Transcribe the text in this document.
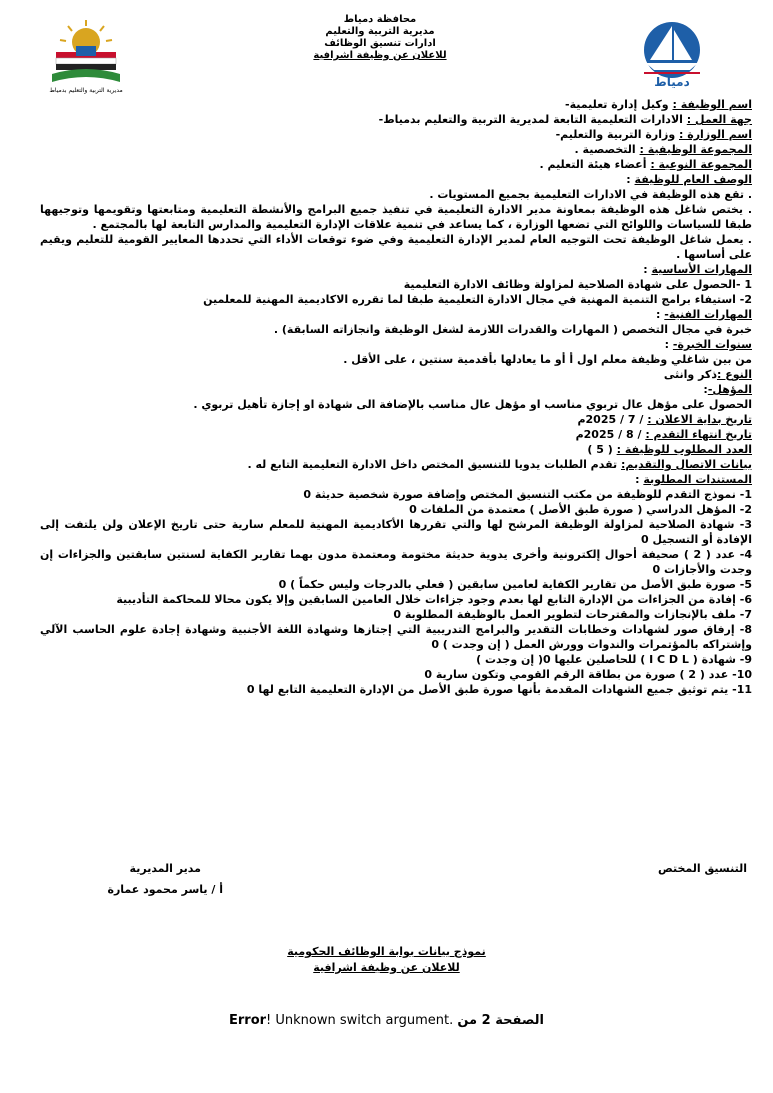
مديرية التربية والتعليم بدمياط
دمياط
محافظة دمياط
مديرية التربية والتعليم
ادارات تنسيق الوظائف
للاعلان عن وظيفة اشرافية

اسم الوظيفة : وكيل إدارة تعليمية-

جهة العمل : الادارات التعليمية التابعة لمديرية التربية والتعليم بدمياط-

اسم الوزارة : وزارة التربية والتعليم-

المجموعة الوظيفية : التخصصية .

المجموعة النوعية : أعضاء هيئة التعليم .

الوصف العام للوظيفة :

. تقع هذه الوظيفة في الادارات التعليمية بجميع المستويات .

. يختص شاغل هذه الوظيفة بمعاونة مدير الادارة التعليمية في تنفيذ جميع البرامج والأنشطة التعليمية ومتابعتها وتقويمها وتوجيهها طبقا للسياسات واللوائح التي تضعها الوزارة ، كما يساعد في تنمية علاقات الإدارة التعليمية والمدارس التابعة لها بالمجتمع .

. يعمل شاغل الوظيفة تحت التوجيه العام لمدير الإدارة التعليمية وفي ضوء توقعات الأداء التي تحددها المعايير القومية للتعليم ويقيم على أساسها .

المهارات الأساسية :

1 -الحصول على شهادة الصلاحية لمزاولة وظائف الادارة التعليمية

2- استيفاء برامج التنمية المهنية في مجال الادارة التعليمية طبقا لما تقرره الاكاديمية المهنية للمعلمين

المهارات الفنية- :

خبرة في مجال التخصص ( المهارات والقدرات اللازمة لشغل الوظيفة وانجازاته السابقة) .

سنوات الخبرة- :

من بين شاغلي وظيفة معلم اول أ أو ما يعادلها بأقدمية سنتين ، على الأقل .

النوع :ذكر وانثى

المؤهل-:

الحصول على مؤهل عال تربوي مناسب او مؤهل عال مناسب بالإضافة الى شهادة او إجازة تأهيل تربوي .

تاريخ بداية الاعلان : / 7 / 2025م

تاريخ انتهاء التقدم : / 8 / 2025م

العدد المطلوب للوظيفة : ( 5 )

بيانات الاتصال والتقديم: تقدم الطلبات يدويا للتنسيق المختص داخل الادارة التعليمية التابع له .

المستندات المطلوبة :

1- نموذج التقدم للوظيفة من مكتب التنسيق المختص وإضافة صورة شخصية حديثة 0

2- المؤهل الدراسي ( صورة طبق الأصل ) معتمدة من الملفات 0

3- شهادة الصلاحية لمزاولة الوظيفة المرشح لها والتي تقررها الأكاديمية المهنية للمعلم سارية حتى تاريخ الإعلان ولن يلتفت إلى الإفادة أو التسجيل 0

4- عدد ( 2 ) صحيفة أحوال إلكترونية وأخرى يدوية حديثة مختومة ومعتمدة مدون بهما تقارير الكفاية لسنتين سابقتين والجزاءات إن وجدت والأجازات 0

5- صورة طبق الأصل من تقارير الكفاية لعامين سابقين ( فعلي بالدرجات وليس حكماً ) 0

6- إفادة من الجزاءات من الإدارة التابع لها بعدم وجود جزاءات خلال العامين السابقين وإلا يكون محالا للمحاكمة التأديبية

7- ملف بالإنجازات والمقترحات لتطوير العمل بالوظيفة المطلوبة 0

8- إرفاق صور لشهادات وخطابات التقدير والبرامج التدريبية التي إجتازها وشهادة اللغة الأجنبية وشهادة إجادة علوم الحاسب الآلي وإشتراكه بالمؤتمرات والندوات وورش العمل ( إن وجدت ) 0

9- شهادة ( I C D L ) للحاصلين عليها 0( إن وجدت )

10- عدد ( 2 ) صورة من بطاقة الرقم القومي وتكون سارية 0

11- يتم توثيق جميع الشهادات المقدمة بأنها صورة طبق الأصل من الإدارة التعليمية التابع لها 0

التنسيق المختص
مدير المديرية
أ / ياسر محمود عمارة
نموذج بيانات بوابة الوظائف الحكومية
للاعلان عن وظيفة اشرافية
Error! Unknown switch argument. الصفحة 2 من
